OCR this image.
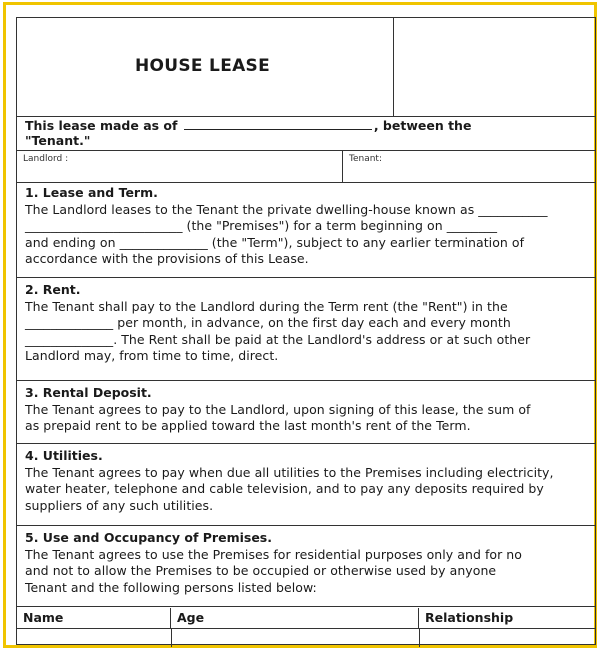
HOUSE LEASE
This lease made as of	, between the
"Tenant."
Landlord :	Tenant:
1. Lease and Term.
The Landlord leases to the Tenant the private dwelling-house known as ___________
_________________________ (the "Premises") for a term beginning on ________
and ending on ______________ (the "Term"), subject to any earlier termination of
accordance with the provisions of this Lease.
2. Rent.
The Tenant shall pay to the Landlord during the Term rent (the "Rent") in the
______________ per month, in advance, on the first day each and every month
______________. The Rent shall be paid at the Landlord's address or at such other
Landlord may, from time to time, direct.
3. Rental Deposit.
The Tenant agrees to pay to the Landlord, upon signing of this lease, the sum of
as prepaid rent to be applied toward the last month's rent of the Term.
4. Utilities.
The Tenant agrees to pay when due all utilities to the Premises including electricity,
water heater, telephone and cable television, and to pay any deposits required by
suppliers of any such utilities.
5. Use and Occupancy of Premises.
The Tenant agrees to use the Premises for residential purposes only and for no
and not to allow the Premises to be occupied or otherwise used by anyone
Tenant and the following persons listed below:
Name	Age	Relationship
